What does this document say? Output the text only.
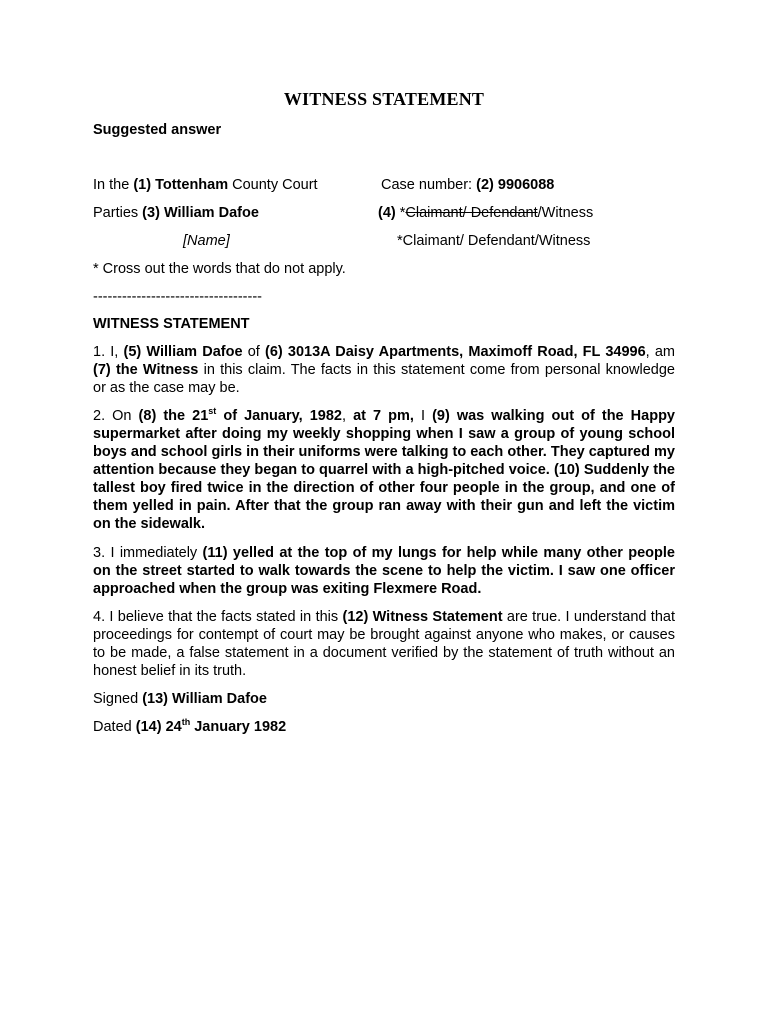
WITNESS STATEMENT
Suggested answer
In the (1) Tottenham County Court	Case number: (2) 9906088
Parties (3) William Dafoe	(4) *Claimant/ Defendant/Witness
[Name]	*Claimant/ Defendant/Witness
* Cross out the words that do not apply.
-----------------------------------
WITNESS STATEMENT
1. I, (5) William Dafoe of (6) 3013A Daisy Apartments, Maximoff Road, FL 34996, am (7) the Witness in this claim. The facts in this statement come from personal knowledge or as the case may be.
2. On (8) the 21st of January, 1982, at 7 pm, I (9) was walking out of the Happy supermarket after doing my weekly shopping when I saw a group of young school boys and school girls in their uniforms were talking to each other. They captured my attention because they began to quarrel with a high-pitched voice. (10) Suddenly the tallest boy fired twice in the direction of other four people in the group, and one of them yelled in pain. After that the group ran away with their gun and left the victim on the sidewalk.
3. I immediately (11) yelled at the top of my lungs for help while many other people on the street started to walk towards the scene to help the victim. I saw one officer approached when the group was exiting Flexmere Road.
4. I believe that the facts stated in this (12) Witness Statement are true. I understand that proceedings for contempt of court may be brought against anyone who makes, or causes to be made, a false statement in a document verified by the statement of truth without an honest belief in its truth.
Signed (13) William Dafoe
Dated (14) 24th January 1982
